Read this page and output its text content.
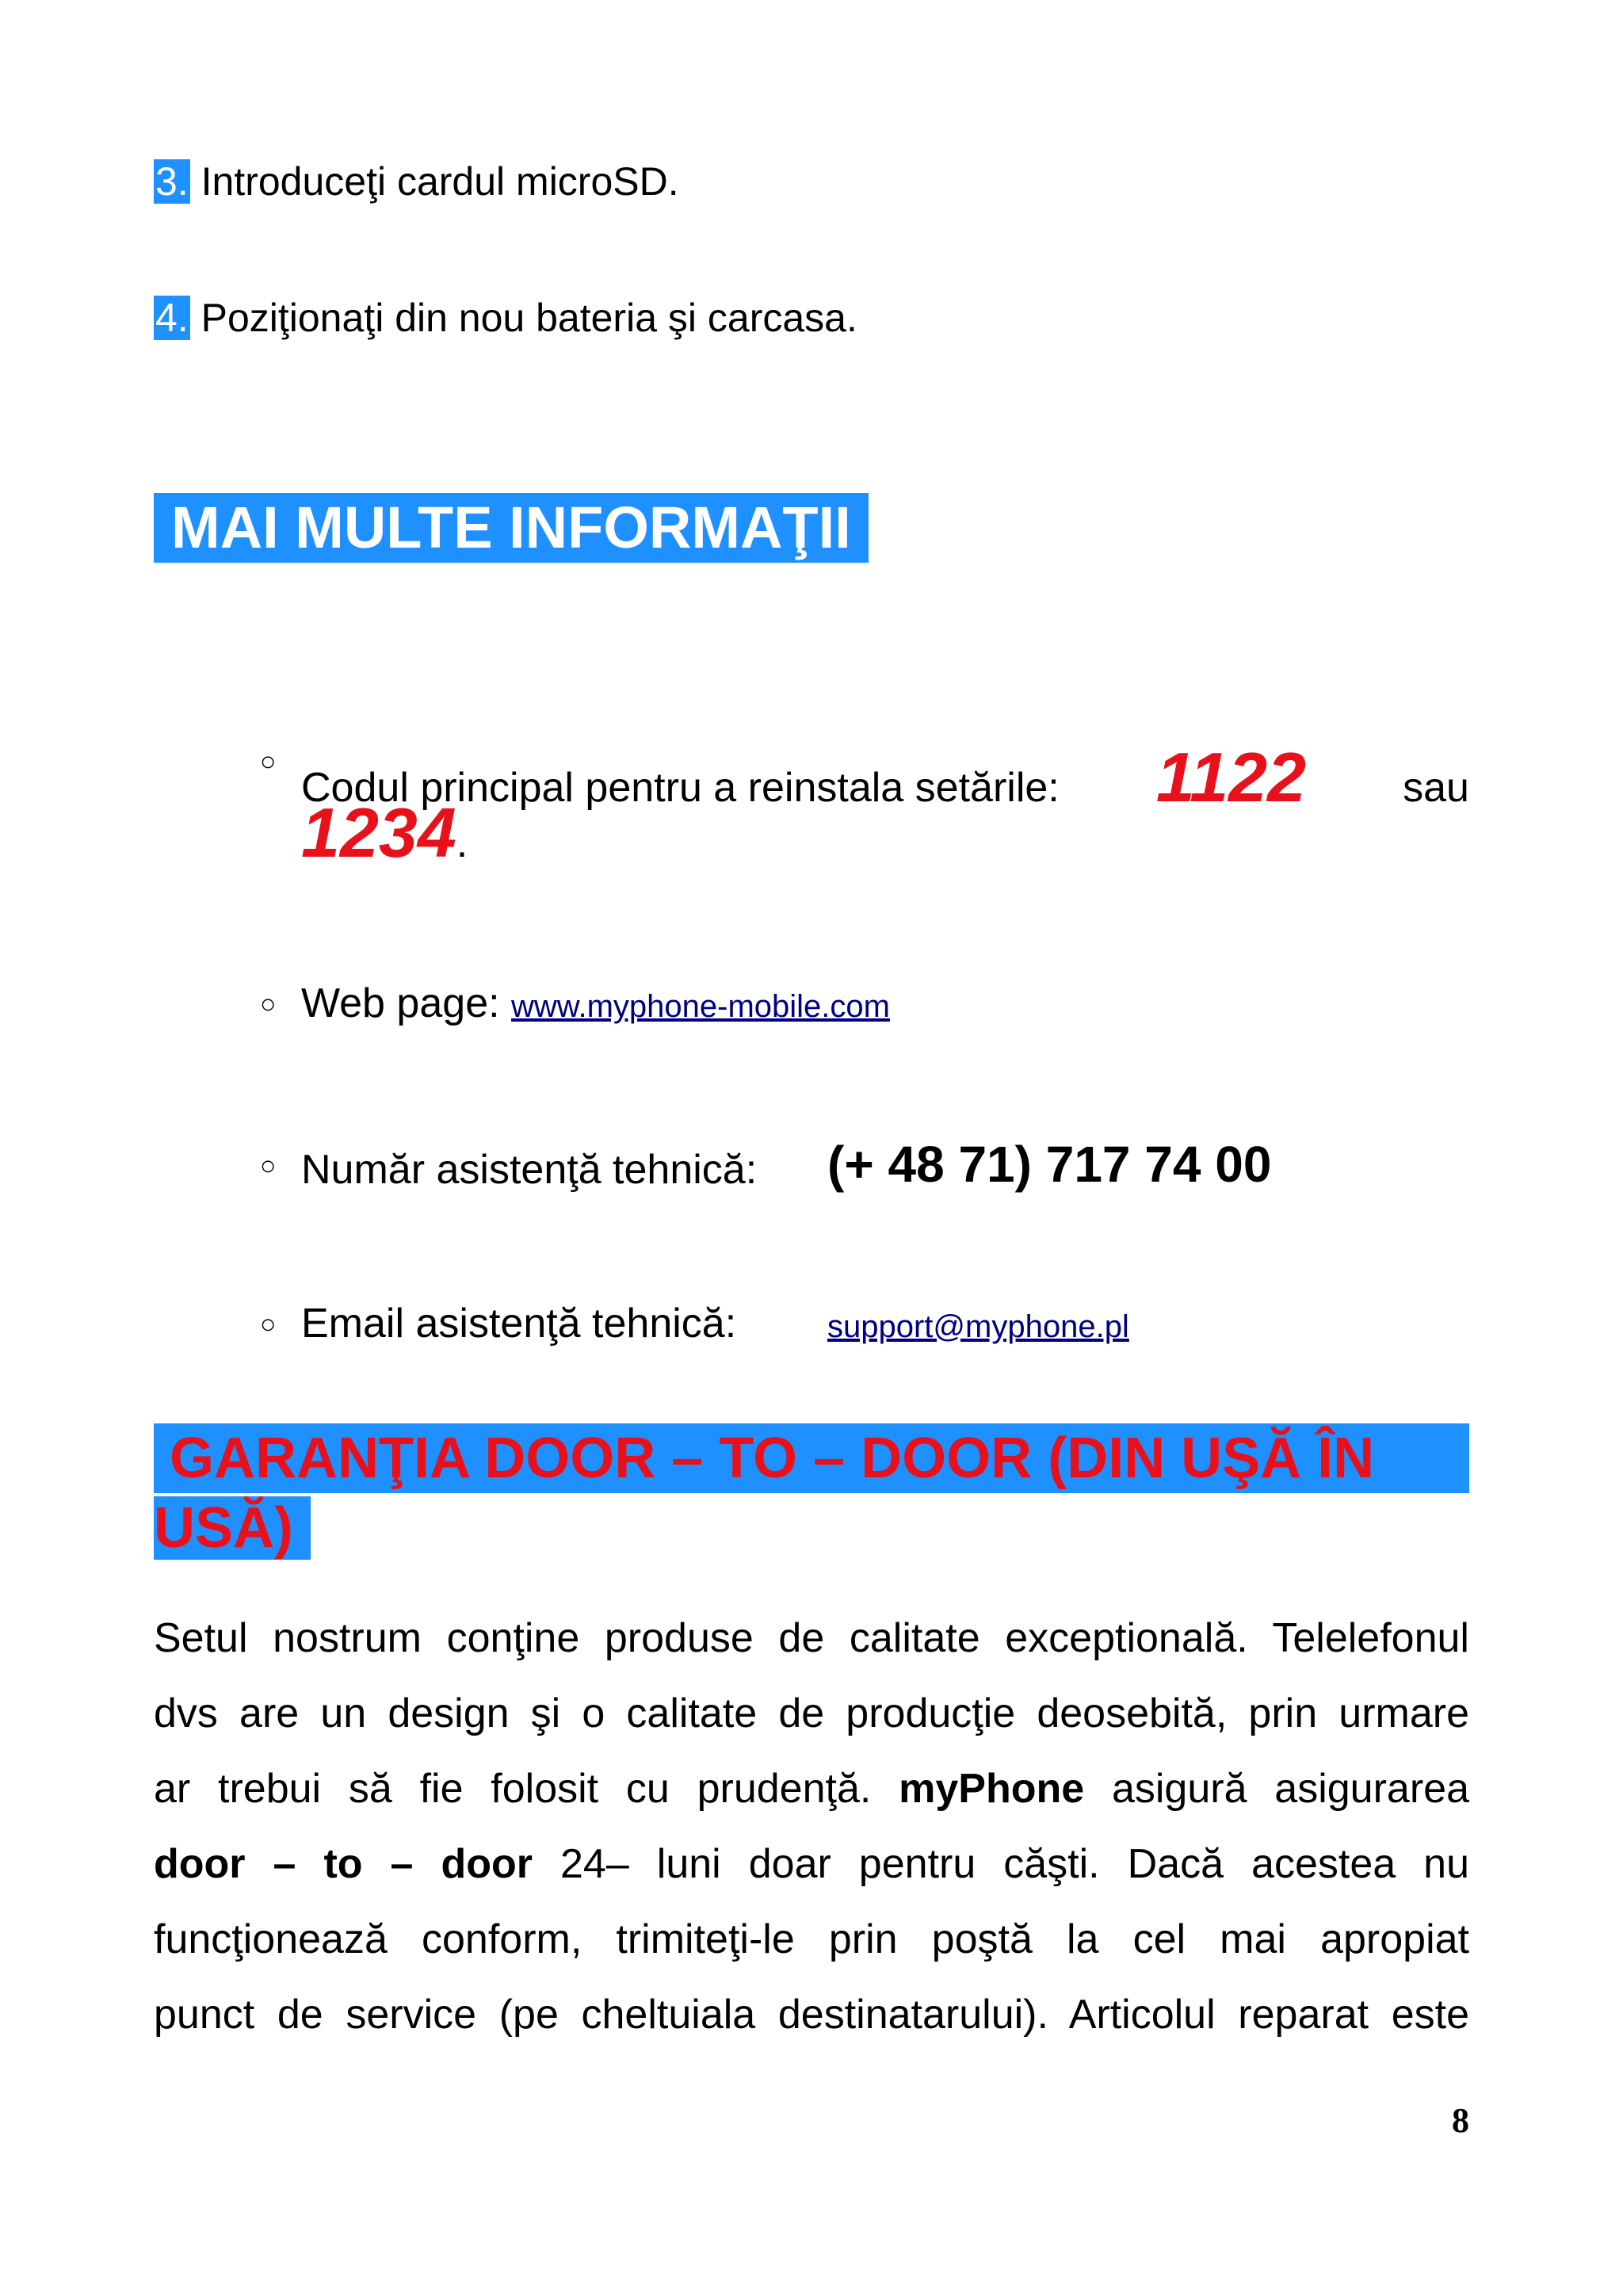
3. Introduceţi cardul microSD.
4. Poziţionaţi din nou bateria şi carcasa.
MAI MULTE INFORMAŢII
○
Codul principal pentru a reinstala setările: 1122 sau
1234.
○ Web page: www.myphone-mobile.com
○ Număr asistenţă tehnică: (+ 48 71) 717 74 00
○ Email asistenţă tehnică:	support@myphone.pl
GARANŢIA DOOR – TO – DOOR (DIN UŞĂ ÎN
USĂ)
Setul nostrum conţine produse de calitate exceptională. Telelefonul
dvs are un design şi o calitate de producţie deosebită, prin urmare
ar trebui să fie folosit cu prudenţă. myPhone asigură asigurarea
door – to – door 24– luni doar pentru căşti. Dacă acestea nu
funcţionează conform, trimiteţi-le prin poştă la cel mai apropiat
punct de service (pe cheltuiala destinatarului). Articolul reparat este
8
